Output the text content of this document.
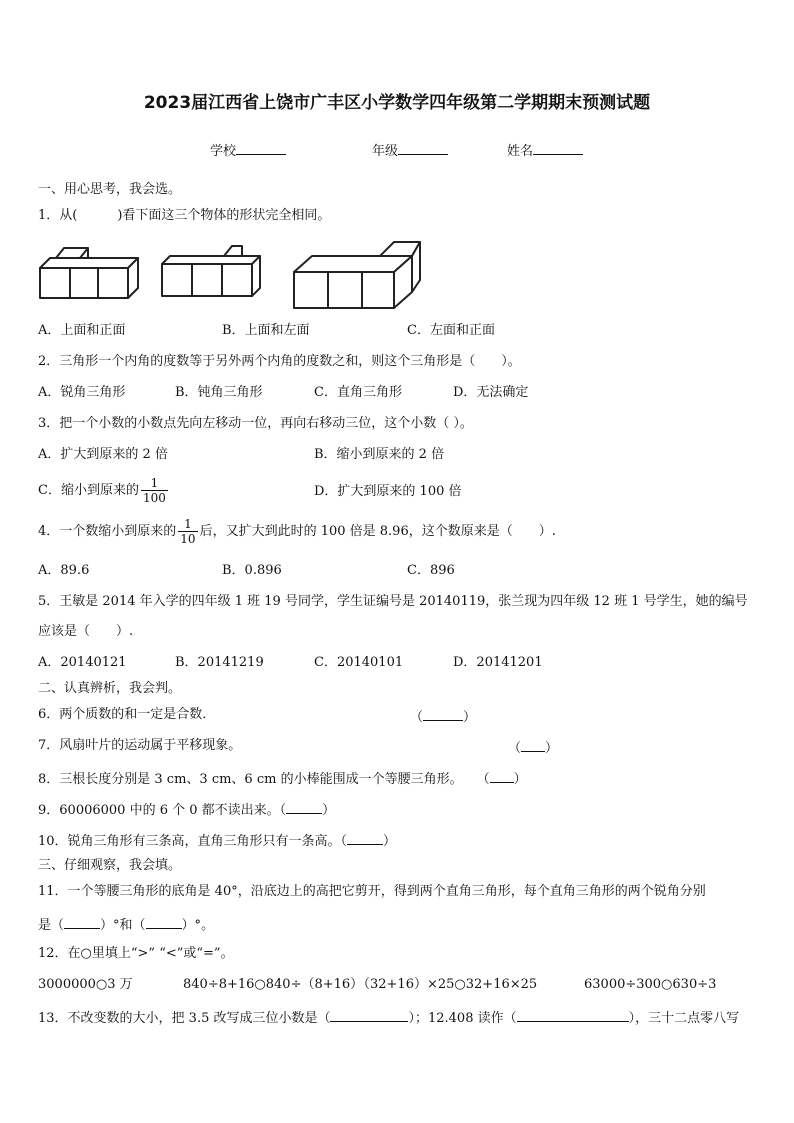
2023届江西省上饶市广丰区小学数学四年级第二学期期末预测试题
学校	年级	姓名
一、用心思考，我会选。
1．从(	)看下面这三个物体的形状完全相同。
A．上面和正面	B．上面和左面	C．左面和正面
2．三角形一个内角的度数等于另外两个内角的度数之和，则这个三角形是（　　）。
A．锐角三角形	B．钝角三角形	C．直角三角形	D．无法确定
3．把一个小数的小数点先向左移动一位，再向右移动三位，这个小数（ ）。
A．扩大到原来的 2 倍	B．缩小到原来的 2 倍
C．缩小到原来的 $\frac{1}{100}$	D．扩大到原来的 100 倍
4．一个数缩小到原来的 $\frac{1}{10}$ 后，又扩大到此时的 100 倍是 8.96，这个数原来是（　　）.
A．89.6	B．0.896	C．896
5．王敏是 2014 年入学的四年级 1 班 19 号同学，学生证编号是 20140119，张兰现为四年级 12 班 1 号学生，她的编号
应该是（　　）.
A．20140121	B．20141219	C．20140101	D．20141201
二、认真辨析，我会判。
6．两个质数的和一定是合数．	（	）
7．风扇叶片的运动属于平移现象。	（ ）
8．三根长度分别是 3 cm、3 cm、6 cm 的小棒能围成一个等腰三角形。 （ ）
9．60006000 中的 6 个 0 都不读出来。（	）
10．锐角三角形有三条高，直角三角形只有一条高。（	）
三、仔细观察，我会填。
11．一个等腰三角形的底角是 40°，沿底边上的高把它剪开，得到两个直角三角形，每个直角三角形的两个锐角分别
是（	）°和（	）°。
12．在○里填上“>” “<”或“=”。
3000000○3 万	840÷8+16○840÷（8+16）
（32+16）×25○32+16×25	63000÷300○630÷3
13．不改变数的大小，把 3.5 改写成三位小数是（	）；12.408 读作（	），三十二点零八写
